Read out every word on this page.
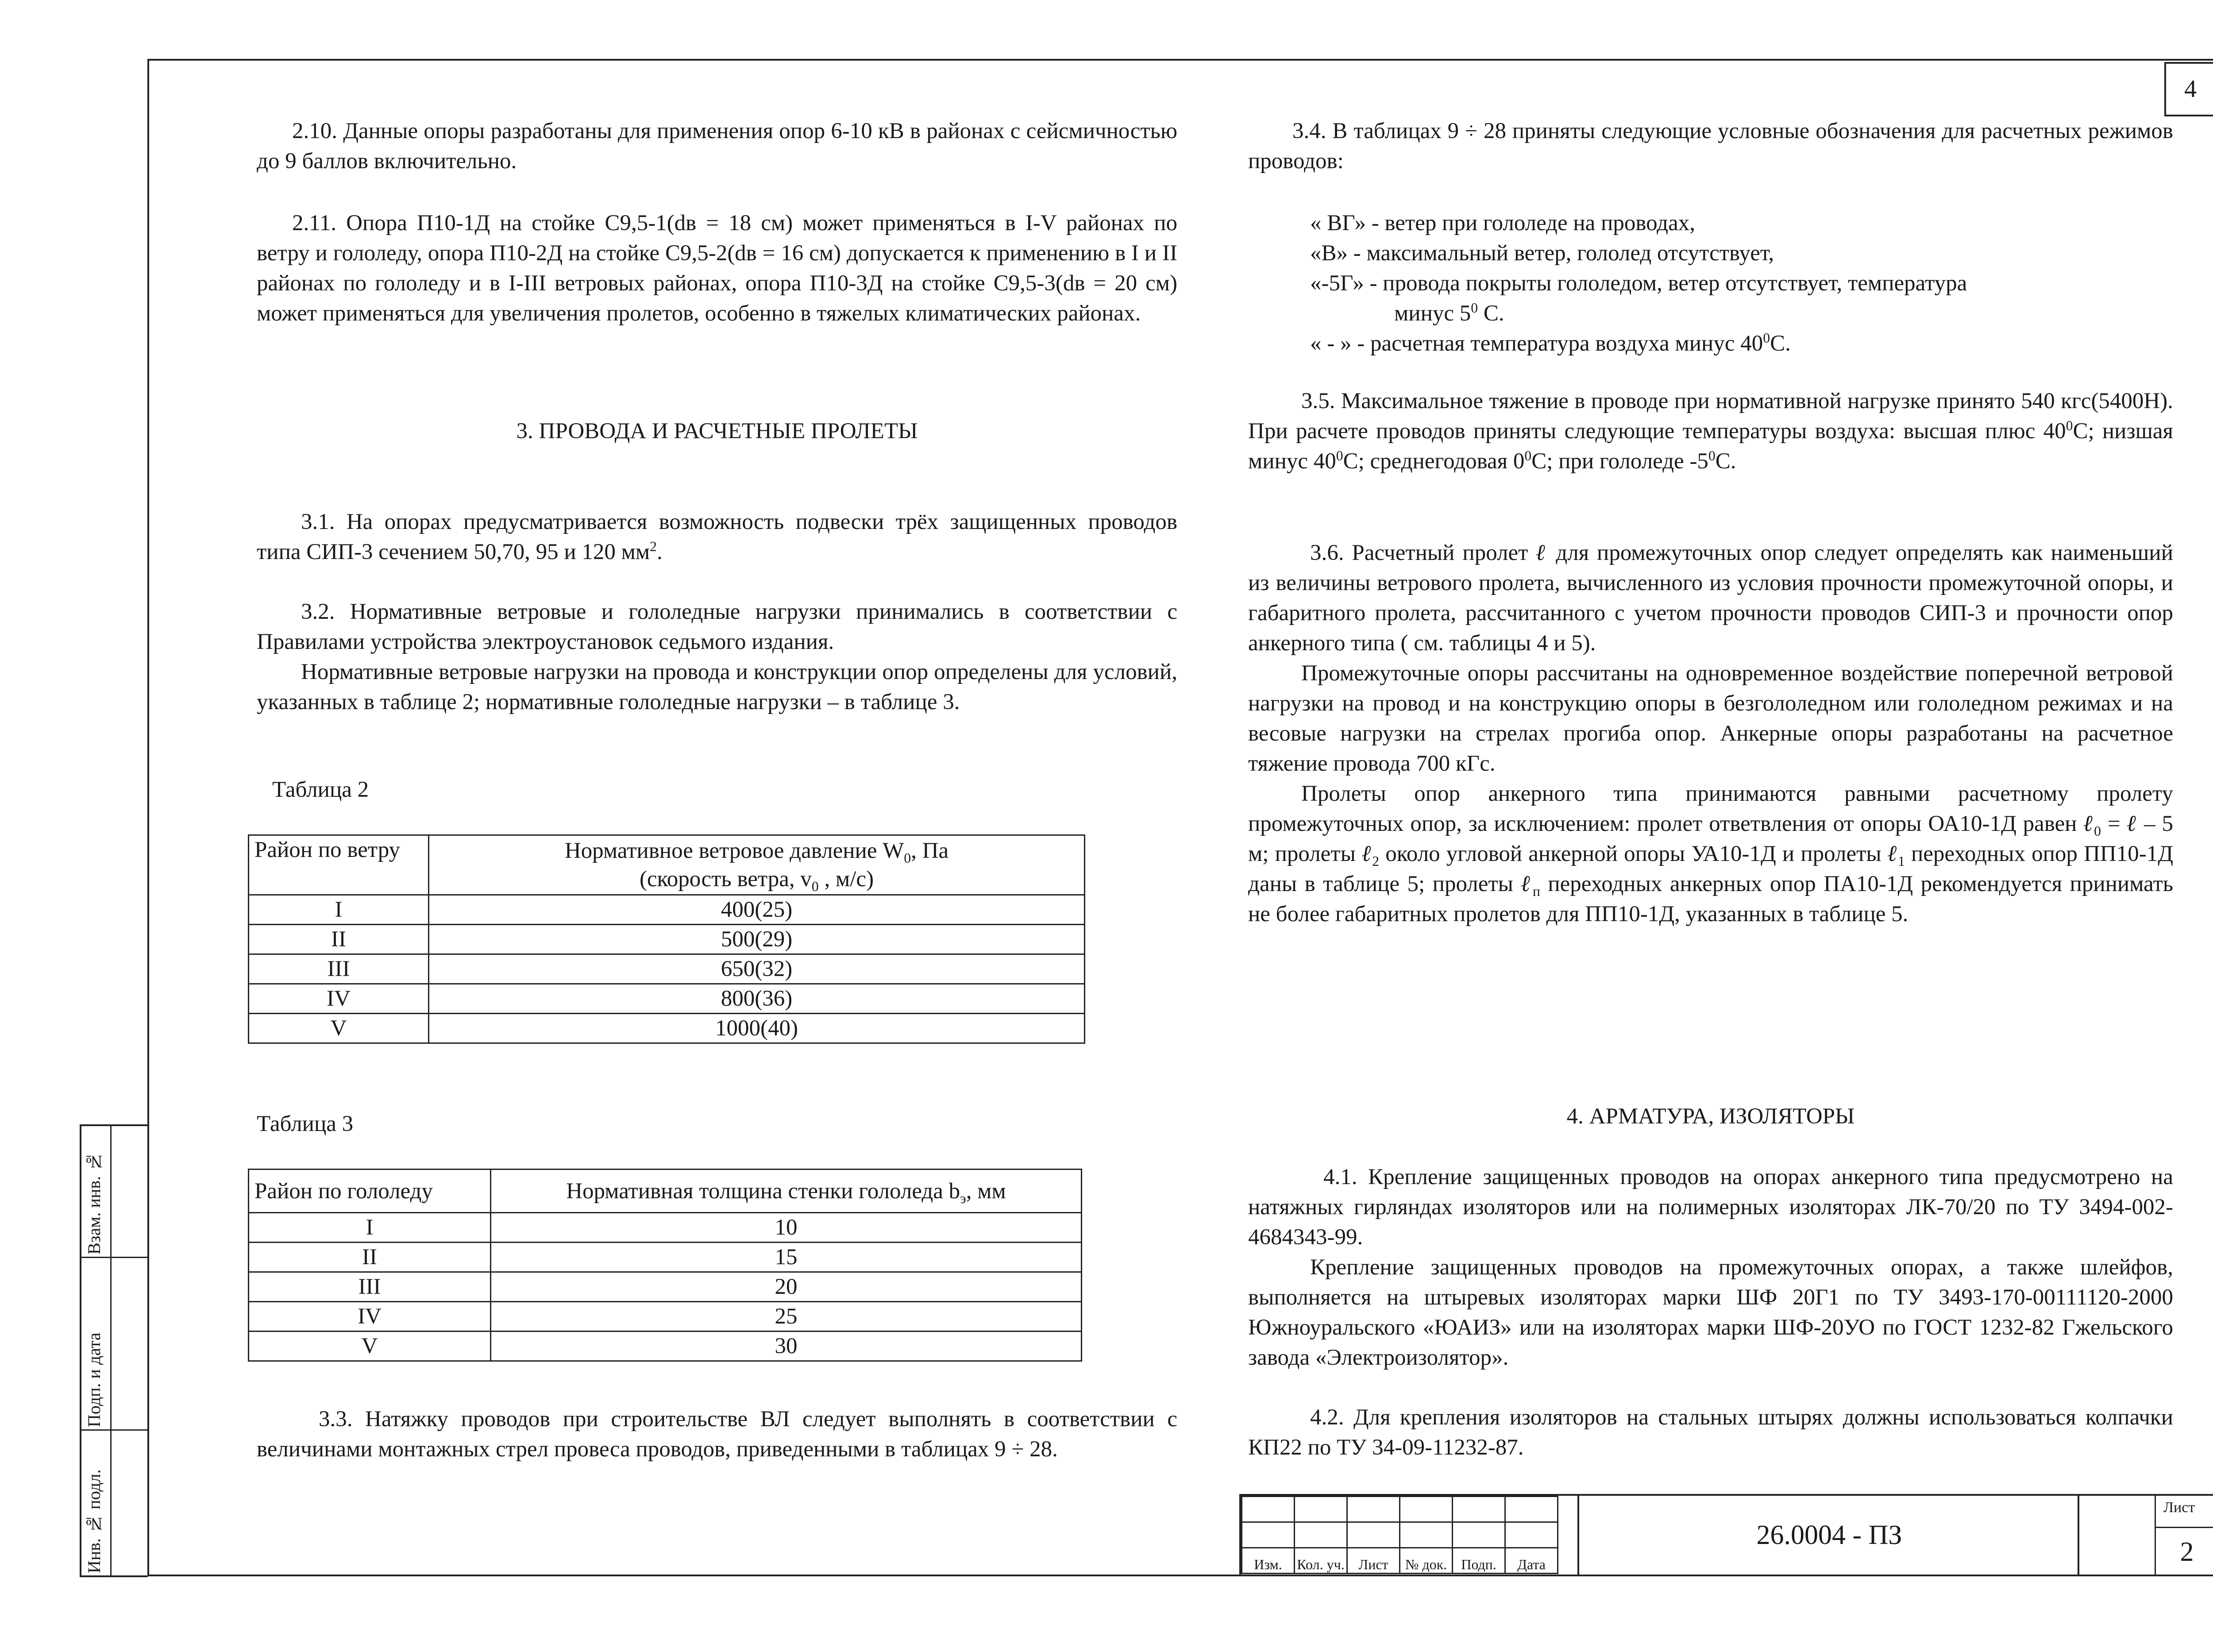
4

2.10. Данные опоры разработаны для применения опор 6-10 кВ в районах с сейсмичностью до 9 баллов включительно.

2.11. Опора П10-1Д на стойке С9,5-1(dв = 18 см) может применяться в I-V районах по ветру и гололеду, опора П10-2Д на стойке С9,5-2(dв = 16 см) допускается к применению в I и II районах по гололеду и в I-III ветровых районах, опора П10-3Д на стойке С9,5-3(dв = 20 см) может применяться для увеличения пролетов, особенно в тяжелых климатических районах.

3. ПРОВОДА И РАСЧЕТНЫЕ ПРОЛЕТЫ

3.1. На опорах предусматривается возможность подвески трёх защищенных проводов типа СИП-3 сечением 50,70, 95 и 120 $мм^2$.

3.2. Нормативные ветровые и гололедные нагрузки принимались в соответствии с Правилами устройства электроустановок седьмого издания.

Нормативные ветровые нагрузки на провода и конструкции опор определены для условий, указанных в таблице 2; нормативные гололедные нагрузки – в таблице 3.

Таблица 2
Район по ветру	Нормативное ветровое давление $W_0$, Па
(скорость ветра, $v_0$ , м/с)

I	400(25)
II	500(29)
III	650(32)
IV	800(36)
V	1000(40)
Таблица 3
Район по гололеду	Нормативная толщина стенки гололеда $b_э$, мм
I	10
II	15
III	20
IV	25
V	30

3.3. Натяжку проводов при строительстве ВЛ следует выполнять в соответствии с величинами монтажных стрел провеса проводов, приведенными в таблицах 9 ÷ 28.

3.4. В таблицах 9 ÷ 28 приняты следующие условные обозначения для расчетных режимов проводов:

« ВГ» - ветер при гололеде на проводах,
«В» - максимальный ветер, гололед отсутствует,
«-5Г» - провода покрыты гололедом, ветер отсутствует, температура
минус $5^0$ С.
« - » - расчетная температура воздуха минус $40^0С$.

3.5. Максимальное тяжение в проводе при нормативной нагрузке принято 540 кгс(5400Н). При расчете проводов приняты следующие температуры воздуха: высшая плюс $40^0С$; низшая минус $40^0С$; среднегодовая $0^0С$; при гололеде $-5^0С$.

3.6. Расчетный пролет ℓ для промежуточных опор следует определять как наименьший из величины ветрового пролета, вычисленного из условия прочности промежуточной опоры, и габаритного пролета, рассчитанного с учетом прочности проводов СИП-3 и прочности опор анкерного типа ( см. таблицы 4 и 5).

Промежуточные опоры рассчитаны на одновременное воздействие поперечной ветровой нагрузки на провод и на конструкцию опоры в безгололедном или гололедном режимах и на весовые нагрузки на стрелах прогиба опор. Анкерные опоры разработаны на расчетное тяжение провода 700 кГс.

Пролеты опор анкерного типа принимаются равными расчетному пролету промежуточных опор, за исключением: пролет ответвления от опоры ОА10-1Д равен ℓ$_0$ = ℓ – 5 м; пролеты ℓ$_2$ около угловой анкерной опоры УА10-1Д и пролеты ℓ$_1$ переходных опор ПП10-1Д даны в таблице 5; пролеты ℓ$_п$ переходных анкерных опор ПА10-1Д рекомендуется принимать не более габаритных пролетов для ПП10-1Д, указанных в таблице 5.

4. АРМАТУРА, ИЗОЛЯТОРЫ

4.1. Крепление защищенных проводов на опорах анкерного типа предусмотрено на натяжных гирляндах изоляторов или на полимерных изоляторах ЛК-70/20 по ТУ 3494-002-4684343-99.

Крепление защищенных проводов на промежуточных опорах, а также шлейфов, выполняется на штыревых изоляторах марки ШФ 20Г1 по ТУ 3493-170-00111120-2000 Южноуральского «ЮАИЗ» или на изоляторах марки ШФ-20УО по ГОСТ 1232-82 Гжельского завода «Электроизолятор».

4.2. Для крепления изоляторов на стальных штырях должны использоваться колпачки КП22 по ТУ 34-09-11232-87.

Взам. инв. №
Подп. и дата
Инв. № подл.

						Изм.	Кол. уч.	Лист	№ док.	Подп.	Дата
26.0004 - ПЗ
Лист
2
